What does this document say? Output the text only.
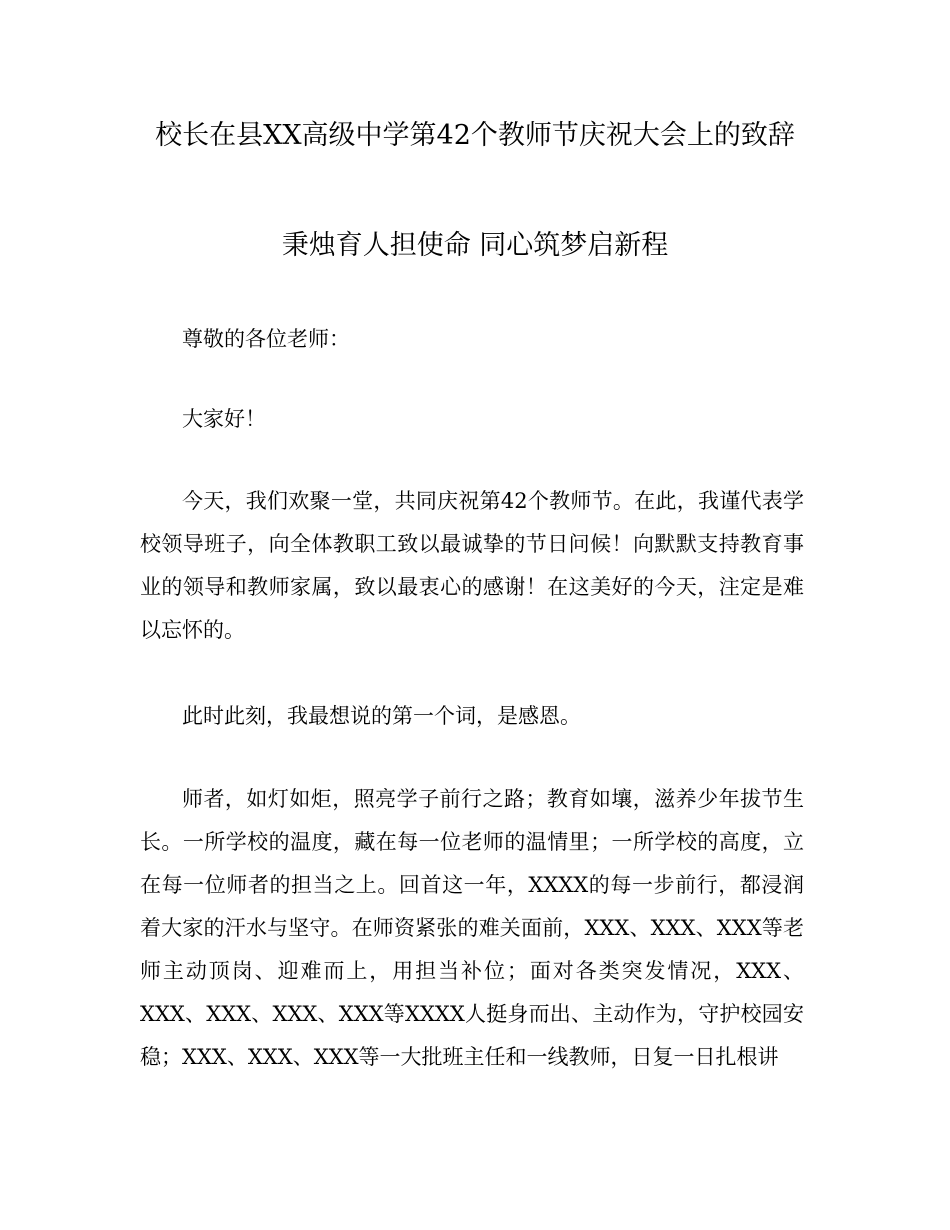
校长在县XX高级中学第42个教师节庆祝大会上的致辞
秉烛育人担使命 同心筑梦启新程

尊敬的各位老师：

大家好！

今天，我们欢聚一堂，共同庆祝第42个教师节。在此，我谨代表学校领导班子，向全体教职工致以最诚挚的节日问候！向默默支持教育事业的领导和教师家属，致以最衷心的感谢！在这美好的今天，注定是难以忘怀的。

此时此刻，我最想说的第一个词，是感恩。

师者，如灯如炬，照亮学子前行之路；教育如壤，滋养少年拔节生长。一所学校的温度，藏在每一位老师的温情里；一所学校的高度，立在每一位师者的担当之上。回首这一年，XXXX的每一步前行，都浸润着大家的汗水与坚守。在师资紧张的难关面前，XXX、XXX、XXX等老师主动顶岗、迎难而上，用担当补位；面对各类突发情况，XXX、XXX、XXX、XXX、XXX等XXXX人挺身而出、主动作为，守护校园安稳；XXX、XXX、XXX等一大批班主任和一线教师，日复一日扎根讲
